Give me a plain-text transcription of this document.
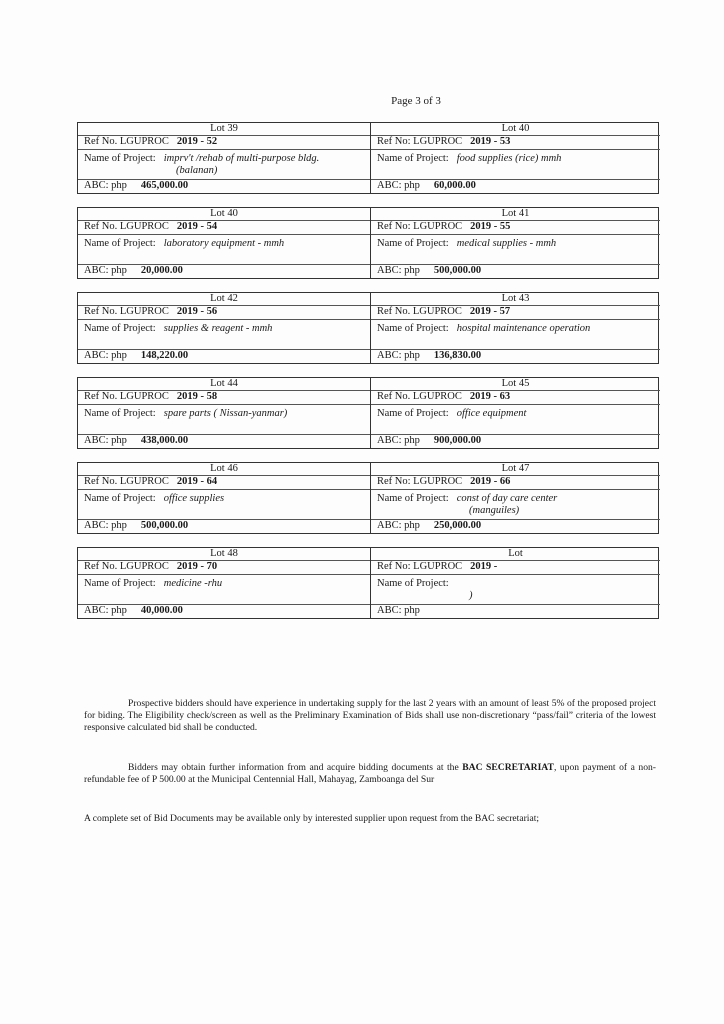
Page 3 of 3
Lot 39
Ref No. LGUPROC 2019 - 52
Name of Project: imprv't /rehab of multi-purpose bldg.
(balanan)
ABC: php 465,000.00
Lot 40
Ref No: LGUPROC 2019 - 53
Name of Project: food supplies (rice) mmh
ABC: php 60,000.00
Lot 40
Ref No. LGUPROC 2019 - 54
Name of Project: laboratory equipment - mmh
ABC: php 20,000.00
Lot 41
Ref No: LGUPROC 2019 - 55
Name of Project: medical supplies - mmh
ABC: php 500,000.00
Lot 42
Ref No. LGUPROC 2019 - 56
Name of Project: supplies & reagent - mmh
ABC: php 148,220.00
Lot 43
Ref No. LGUPROC 2019 - 57
Name of Project: hospital maintenance operation
ABC: php 136,830.00
Lot 44
Ref No. LGUPROC 2019 - 58
Name of Project: spare parts ( Nissan-yanmar)
ABC: php 438,000.00
Lot 45
Ref No. LGUPROC 2019 - 63
Name of Project: office equipment
ABC: php 900,000.00
Lot 46
Ref No. LGUPROC 2019 - 64
Name of Project: office supplies
ABC: php 500,000.00
Lot 47
Ref No: LGUPROC 2019 - 66
Name of Project: const of day care center
(manguiles)
ABC: php 250,000.00
Lot 48
Ref No. LGUPROC 2019 - 70
Name of Project: medicine -rhu
ABC: php 40,000.00
Lot
Ref No: LGUPROC 2019 -
Name of Project:
)
ABC: php
Prospective bidders should have experience in undertaking supply for the last 2 years with an amount of least 5% of the proposed project for biding. The Eligibility check/screen as well as the Preliminary Examination of Bids shall use non-discretionary “pass/fail” criteria of the lowest responsive calculated bid shall be conducted.
Bidders may obtain further information from and acquire bidding documents at the BAC SECRETARIAT, upon payment of a non-refundable fee of P 500.00 at the Municipal Centennial Hall, Mahayag, Zamboanga del Sur
A complete set of Bid Documents may be available only by interested supplier upon request from the BAC secretariat;
